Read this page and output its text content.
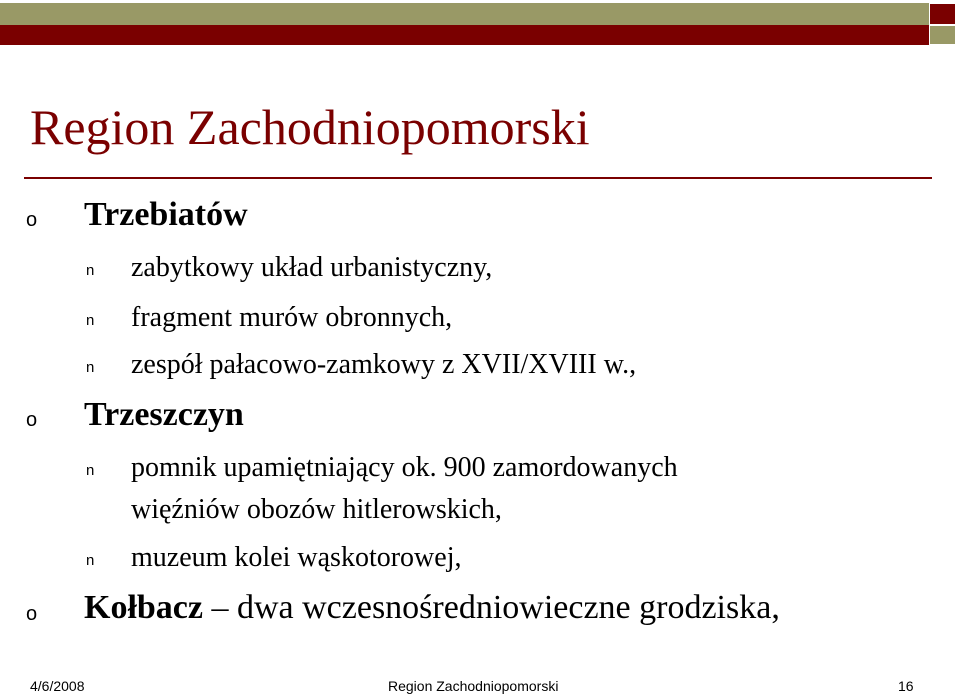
Region Zachodniopomorski
o Trzebiatów
n zabytkowy układ urbanistyczny,
n fragment murów obronnych,
n zespół pałacowo-zamkowy z XVII/XVIII w.,
o Trzeszczyn
n pomnik upamiętniający ok. 900 zamordowanych
więźniów obozów hitlerowskich,
n muzeum kolei wąskotorowej,
o Kołbacz – dwa wczesnośredniowieczne grodziska,
4/6/2008	Region Zachodniopomorski	16
